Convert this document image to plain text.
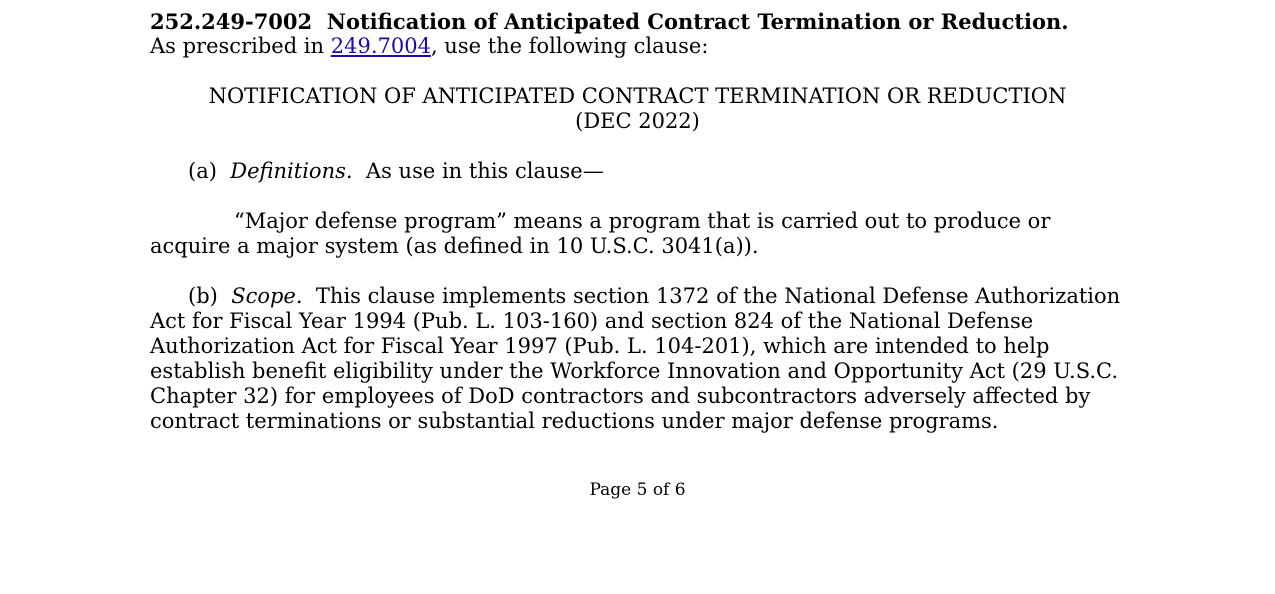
252.249-7002 Notification of Anticipated Contract Termination or Reduction.

As prescribed in 249.7004, use the following clause:

NOTIFICATION OF ANTICIPATED CONTRACT TERMINATION OR REDUCTION
(DEC 2022)

(a) Definitions. As use in this clause—

“Major defense program” means a program that is carried out to produce or acquire a major system (as defined in 10 U.S.C. 3041(a)).

(b) Scope. This clause implements section 1372 of the National Defense Authorization Act for Fiscal Year 1994 (Pub. L. 103-160) and section 824 of the National Defense Authorization Act for Fiscal Year 1997 (Pub. L. 104-201), which are intended to help establish benefit eligibility under the Workforce Innovation and Opportunity Act (29 U.S.C. Chapter 32) for employees of DoD contractors and subcontractors adversely affected by contract terminations or substantial reductions under major defense programs.

Page 5 of 6
